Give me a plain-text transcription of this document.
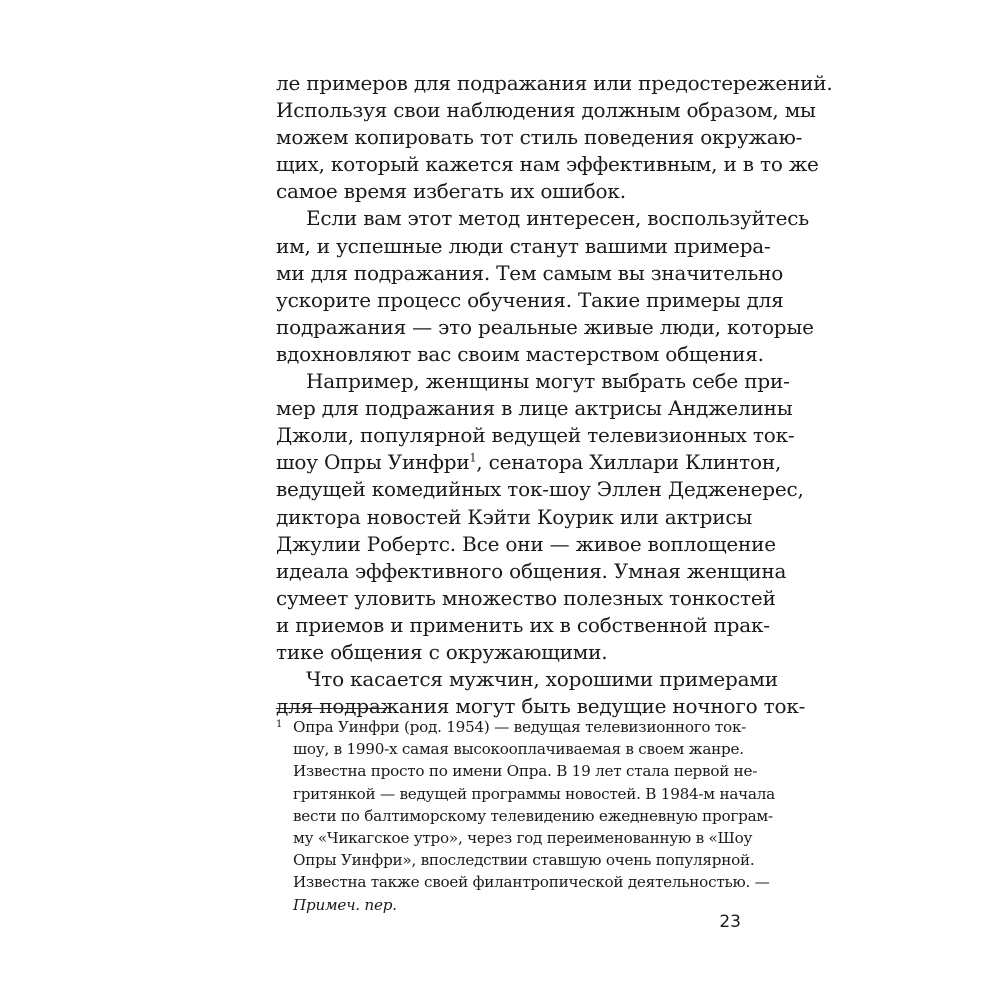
ле примеров для подражания или предостережений.
Используя свои наблюдения должным образом, мы
можем копировать тот стиль поведения окружаю-
щих, который кажется нам эффективным, и в то же
самое время избегать их ошибок.
Если вам этот метод интересен, воспользуйтесь
им, и успешные люди станут вашими примера-
ми для подражания. Тем самым вы значительно
ускорите процесс обучения. Такие примеры для
подражания — это реальные живые люди, которые
вдохновляют вас своим мастерством общения.
Например, женщины могут выбрать себе при-
мер для подражания в лице актрисы Анджелины
Джоли, популярной ведущей телевизионных ток-
шоу Опры Уинфри$^1$, сенатора Хиллари Клинтон,
ведущей комедийных ток-шоу Эллен Дедженерес,
диктора новостей Кэйти Коурик или актрисы
Джулии Робертс. Все они — живое воплощение
идеала эффективного общения. Умная женщина
сумеет уловить множество полезных тонкостей
и приемов и применить их в собственной прак-
тике общения с окружающими.
Что касается мужчин, хорошими примерами
для подражания могут быть ведущие ночного ток-
1 Опра Уинфри (род. 1954) — ведущая телевизионного ток-
шоу, в 1990-х самая высокооплачиваемая в своем жанре.
Известна просто по имени Опра. В 19 лет стала первой не-
гритянкой — ведущей программы новостей. В 1984-м начала
вести по балтиморскому телевидению ежедневную програм-
му «Чикагское утро», через год переименованную в «Шоу
Опры Уинфри», впоследствии ставшую очень популярной.
Известна также своей филантропической деятельностью. —
Примеч. пер.
23
